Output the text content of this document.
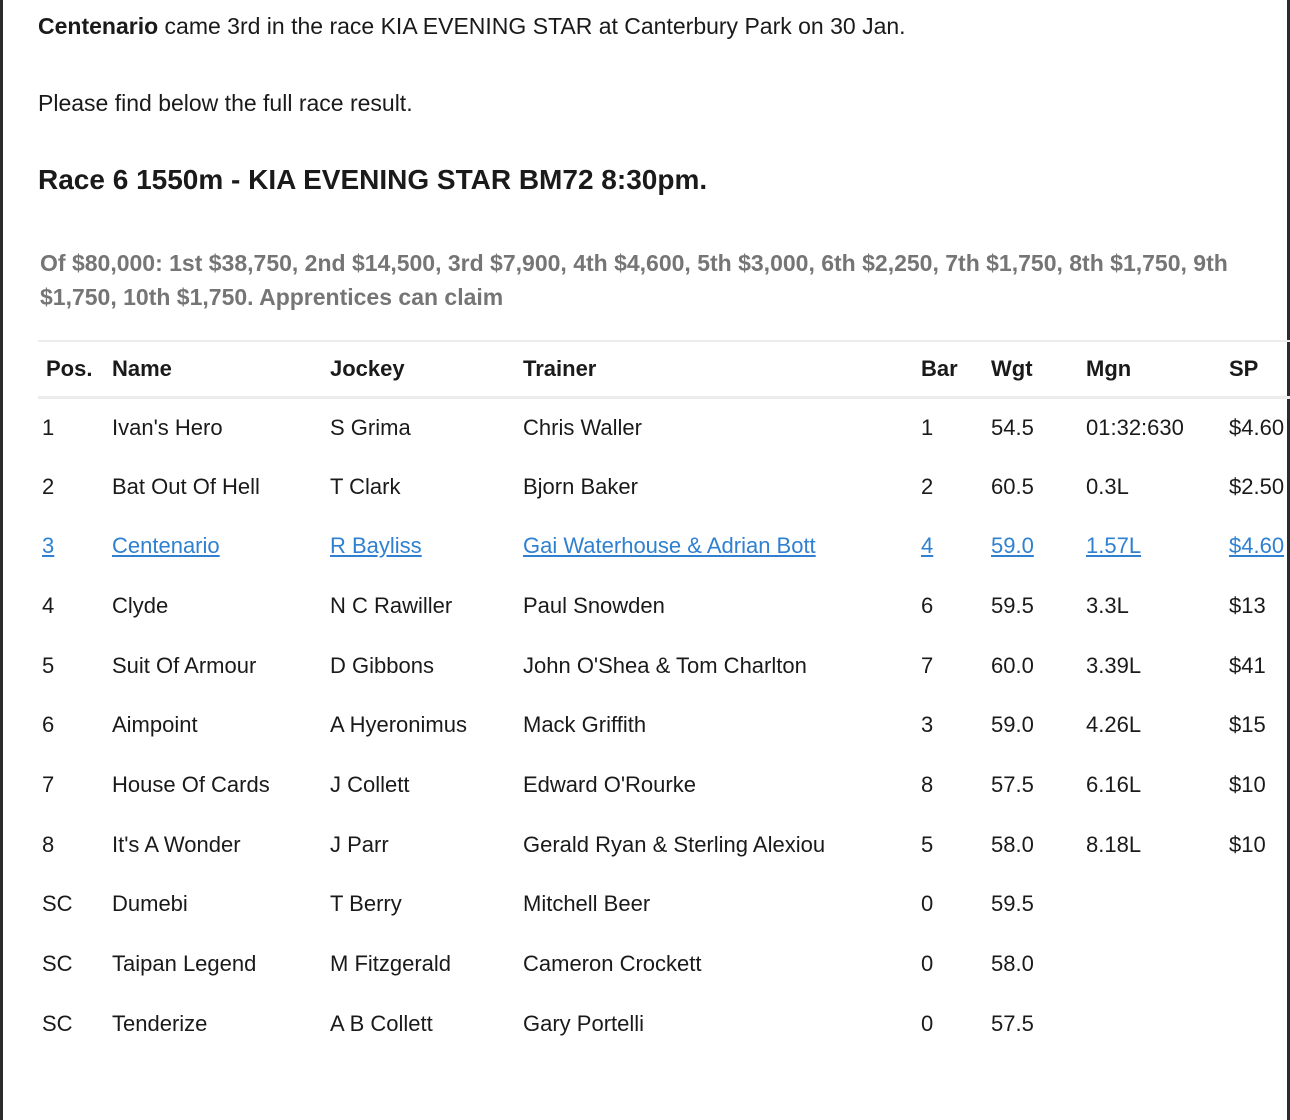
Centenario came 3rd in the race KIA EVENING STAR at Canterbury Park on 30 Jan.
Please find below the full race result.
Race 6 1550m - KIA EVENING STAR BM72 8:30pm.
Of $80,000: 1st $38,750, 2nd $14,500, 3rd $7,900, 4th $4,600, 5th $3,000, 6th $2,250, 7th $1,750, 8th $1,750, 9th $1,750, 10th $1,750. Apprentices can claim
Pos.	Name	Jockey	Trainer	Bar	Wgt	Mgn	SP
1	Ivan's Hero	S Grima	Chris Waller	1	54.5	01:32:630	$4.60
2	Bat Out Of Hell	T Clark	Bjorn Baker	2	60.5	0.3L	$2.50
3	Centenario	R Bayliss	Gai Waterhouse & Adrian Bott	4	59.0	1.57L	$4.60
4	Clyde	N C Rawiller	Paul Snowden	6	59.5	3.3L	$13
5	Suit Of Armour	D Gibbons	John O'Shea & Tom Charlton	7	60.0	3.39L	$41
6	Aimpoint	A Hyeronimus	Mack Griffith	3	59.0	4.26L	$15
7	House Of Cards	J Collett	Edward O'Rourke	8	57.5	6.16L	$10
8	It's A Wonder	J Parr	Gerald Ryan & Sterling Alexiou	5	58.0	8.18L	$10
SC	Dumebi	T Berry	Mitchell Beer	0	59.5		
SC	Taipan Legend	M Fitzgerald	Cameron Crockett	0	58.0		
SC	Tenderize	A B Collett	Gary Portelli	0	57.5		
